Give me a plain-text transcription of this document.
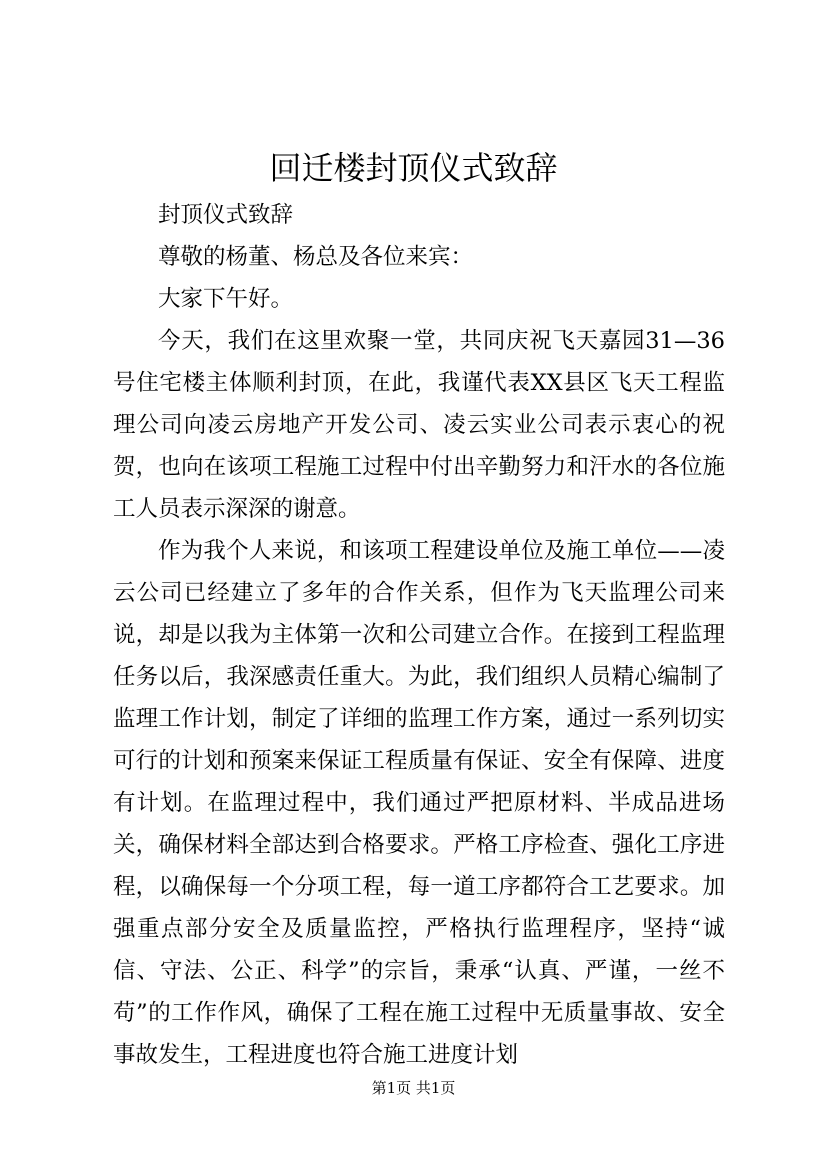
回迁楼封顶仪式致辞

封顶仪式致辞

尊敬的杨董、杨总及各位来宾：

大家下午好。

今天，我们在这里欢聚一堂，共同庆祝飞天嘉园31—36号住宅楼主体顺利封顶，在此，我谨代表XX县区飞天工程监理公司向凌云房地产开发公司、凌云实业公司表示衷心的祝贺，也向在该项工程施工过程中付出辛勤努力和汗水的各位施工人员表示深深的谢意。

作为我个人来说，和该项工程建设单位及施工单位——凌云公司已经建立了多年的合作关系，但作为飞天监理公司来说，却是以我为主体第一次和公司建立合作。在接到工程监理任务以后，我深感责任重大。为此，我们组织人员精心编制了监理工作计划，制定了详细的监理工作方案，通过一系列切实可行的计划和预案来保证工程质量有保证、安全有保障、进度有计划。在监理过程中，我们通过严把原材料、半成品进场关，确保材料全部达到合格要求。严格工序检查、强化工序进程，以确保每一个分项工程，每一道工序都符合工艺要求。加强重点部分安全及质量监控，严格执行监理程序，坚持“诚信、守法、公正、科学”的宗旨，秉承“认真、严谨，一丝不苟”的工作作风，确保了工程在施工过程中无质量事故、安全事故发生，工程进度也符合施工进度计划

第1页 共1页
